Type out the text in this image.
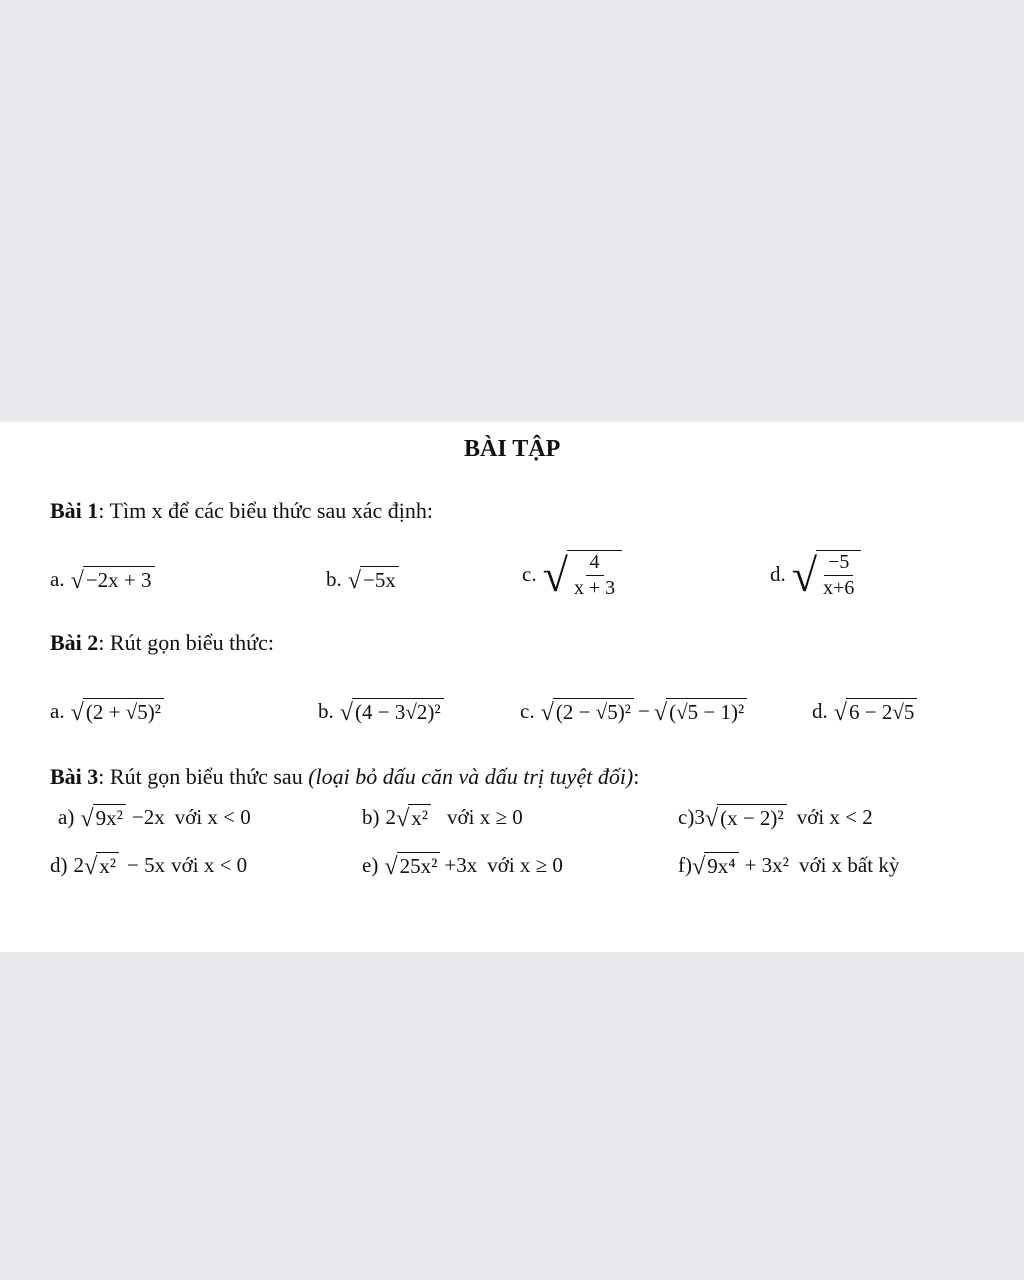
BÀI TẬP
Bài 1: Tìm x để các biểu thức sau xác định:
a. √ −2x + 3	b. √ −5x	c. √ $\frac{4}{x + 3}$	d. √ $\frac{-5}{x+6}$
Bài 2: Rút gọn biểu thức:
a. √ (2 + √5)²	b. √ (4 − 3√2)²	c. √ (2 − √5)² − √ (√5 − 1)²	d. √ 6 − 2√5
Bài 3: Rút gọn biểu thức sau (loại bỏ dấu căn và dấu trị tuyệt đối):
a) √ 9x² −2x với x < 0	b) 2 √ x² với x ≥ 0	c) 3 √ (x − 2)² với x < 2
d) 2 √ x² − 5x với x < 0	e) √ 25x² +3x với x ≥ 0	f) √ 9x⁴ + 3x² với x bất kỳ
